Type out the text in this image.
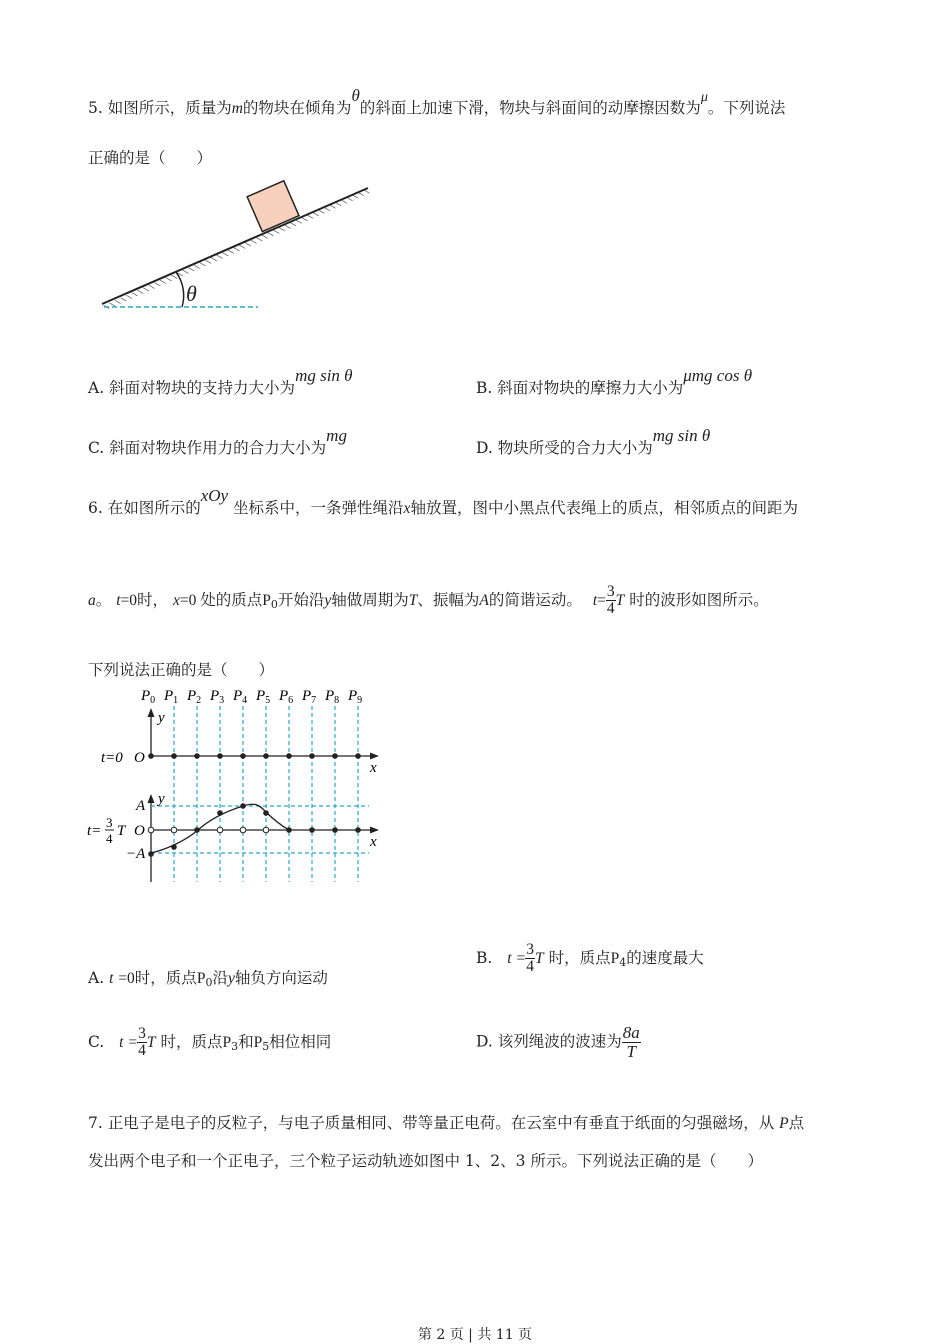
5. 如图所示，质量为m的物块在倾角为θ的斜面上加速下滑，物块与斜面间的动摩擦因数为μ。下列说法
正确的是（　　）
θ
A. 斜面对物块的支持力大小为mg sin θ
B. 斜面对物块的摩擦力大小为μmg cos θ
C. 斜面对物块作用力的合力大小为mg
D. 物块所受的合力大小为mg sin θ
6. 在如图所示的xOy 坐标系中，一条弹性绳沿x轴放置，图中小黑点代表绳上的质点，相邻质点的间距为
a。 t=0时， x=0 处的质点P0开始沿y轴做周期为T、振幅为A的简谐运动。 $t= \frac{3}{4}$ T 时的波形如图所示。
下列说法正确的是（　　）
$P_0$ $P_1$ $P_2$ $P_3$ $P_4$ $P_5$ $P_6$ $P_7$ $P_8$ $P_9$
y
x
t=0 O
y
x
A
O
−A
t=
3
4 T
A. t =0时，质点P0沿y轴负方向运动
B. $t = \frac{3}{4}$ T 时，质点P4的速度最大
C. $t = \frac{3}{4}$ T 时，质点P3和P5相位相同	D. 该列绳波的波速为 $\frac{8a}{T}$
7. 正电子是电子的反粒子，与电子质量相同、带等量正电荷。在云室中有垂直于纸面的匀强磁场，从 P点
发出两个电子和一个正电子，三个粒子运动轨迹如图中 1、2、3 所示。下列说法正确的是（　　）
第 2 页 | 共 11 页
